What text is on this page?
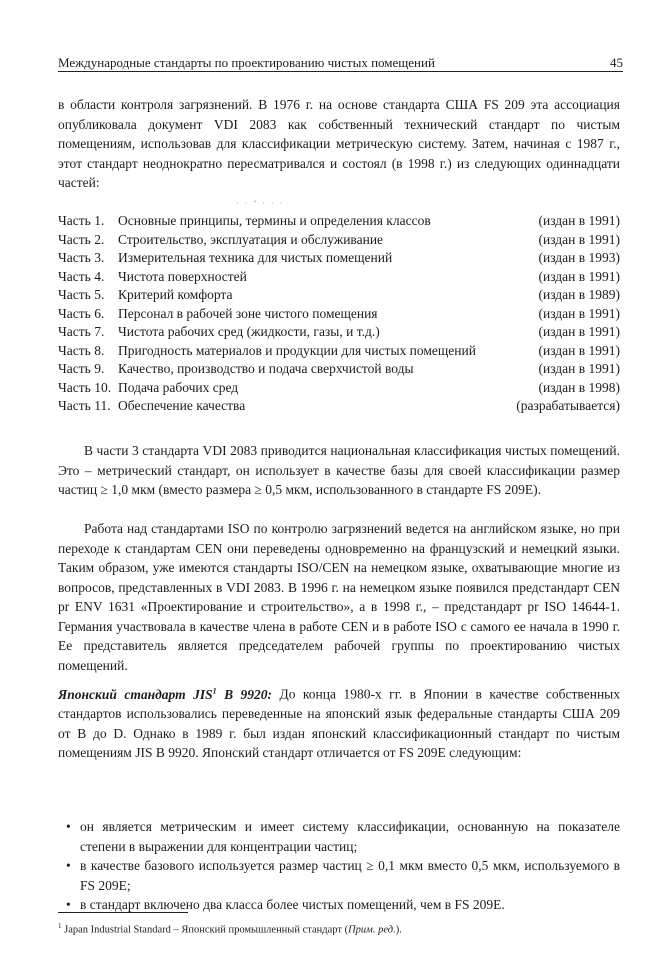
Международные стандарты по проектированию чистых помещений	45

в области контроля загрязнений. В 1976 г. на основе стандарта США FS 209 эта ассоциация опубликовала документ VDI 2083 как собственный технический стандарт по чистым помещениям, использовав для классификации метрическую систему. Затем, начиная с 1987 г., этот стандарт неоднократно пересматривался и состоял (в 1998 г.) из следующих одиннадцати частей:

· · ʺ · · ·
Часть 1. Основные принципы, термины и определения классов	(издан в 1991)
Часть 2. Строительство, эксплуатация и обслуживание	(издан в 1991)
Часть 3. Измерительная техника для чистых помещений	(издан в 1993)
Часть 4. Чистота поверхностей	(издан в 1991)
Часть 5. Критерий комфорта	(издан в 1989)
Часть 6. Персонал в рабочей зоне чистого помещения	(издан в 1991)
Часть 7. Чистота рабочих сред (жидкости, газы, и т.д.)	(издан в 1991)
Часть 8. Пригодность материалов и продукции для чистых помещений	(издан в 1991)
Часть 9. Качество, производство и подача сверхчистой воды	(издан в 1991)
Часть 10. Подача рабочих сред	(издан в 1998)
Часть 11. Обеспечение качества	(разрабатывается)

В части 3 стандарта VDI 2083 приводится национальная классификация чистых помещений. Это – метрический стандарт, он использует в качестве базы для своей классификации размер частиц ≥ 1,0 мкм (вместо размера ≥ 0,5 мкм, использованного в стандарте FS 209E).

Работа над стандартами ISO по контролю загрязнений ведется на английском языке, но при переходе к стандартам CEN они переведены одновременно на французский и немецкий языки. Таким образом, уже имеются стандарты ISO/CEN на немецком языке, охватывающие многие из вопросов, представленных в VDI 2083. В 1996 г. на немецком языке появился предстандарт CEN pr ENV 1631 «Проектирование и строительство», а в 1998 г., – предстандарт pr ISO 14644-1. Германия участвовала в качестве члена в работе CEN и в работе ISO с самого ее начала в 1990 г. Ее представитель является председателем рабочей группы по проектированию чистых помещений.

Японский стандарт JIS$^1$ B 9920: До конца 1980-х гг. в Японии в качестве собственных стандартов использовались переведенные на японский язык федеральные стандарты США 209 от B до D. Однако в 1989 г. был издан японский классификационный стандарт по чистым помещениям JIS B 9920. Японский стандарт отличается от FS 209E следующим:

• он является метрическим и имеет систему классификации, основанную на показателе степени в выражении для концентрации частиц;
• в качестве базового используется размер частиц ≥ 0,1 мкм вместо 0,5 мкм, используемого в FS 209E;
• в стандарт включено два класса более чистых помещений, чем в FS 209E.
$^1$ Japan Industrial Standard – Японский промышленный стандарт (Прим. ред.).
